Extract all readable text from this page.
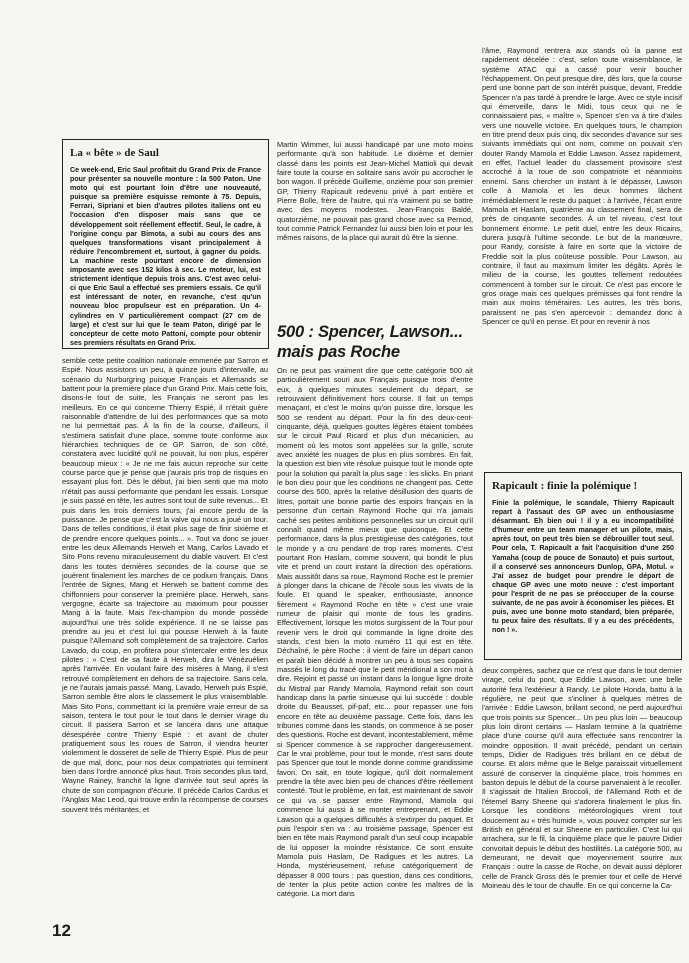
La « bête » de Saul

Ce week-end, Eric Saul profitait du Grand Prix de France pour présenter sa nouvelle monture : la 500 Paton. Une moto qui est pourtant loin d'être une nouveauté, puisque sa première esquisse remonte à 75. Depuis, Ferrari, Sipriani et bien d'autres pilotes italiens ont eu l'occasion d'en disposer mais sans que ce développement soit réellement effectif. Seul, le cadre, à l'origine conçu par Bimota, a subi au cours des ans quelques transformations visant principalement à réduire l'encombrement et, surtout, à gagner du poids. La machine reste pourtant encore de dimension imposante avec ses 152 kilos à sec. Le moteur, lui, est strictement identique depuis trois ans. C'est avec celui-ci que Eric Saul a effectué ses premiers essais. Ce qu'il est intéressant de noter, en revanche, c'est qu'un nouveau bloc propulseur est en préparation. Un 4-cylindres en V particulièrement compact (27 cm de large) et c'est sur lui que le team Paton, dirigé par le concepteur de cette moto Pattoni, compte pour obtenir ses premiers résultats en Grand Prix.

semble cette petite coalition nationale emmenée par Sarron et Espié. Nous assistons un peu, à quinze jours d'intervalle, au scénario du Nurburgring puisque Français et Allemands se battent pour la première place d'un Grand Prix. Mais cette fois, disons-le tout de suite, les Français ne seront pas les meilleurs. En ce qui concerne Thierry Espié, il n'était guère raisonnable d'attendre de lui des performances que sa moto ne lui permettait pas. À la fin de la course, d'ailleurs, il s'estimera satisfait d'une place, somme toute conforme aux hiérarchies techniques de ce GP. Sarron, de son côté, constatera avec lucidité qu'il ne pouvait, lui non plus, espérer beaucoup mieux : « Je ne me fais aucun reproche sur cette course parce que je pense que j'aurais pris trop de risques en essayant plus fort. Dès le début, j'ai bien senti que ma moto n'était pas aussi performante que pendant les essais. Lorsque je suis passé en tête, les autres sont tout de suite revenus... Et puis dans les trois derniers tours, j'ai encore perdu de la puissance. Je pense que c'est la valve qui nous a joué un tour. Dans de telles conditions, il était plus sage de finir sixième et de prendre encore quelques points... ». Tout va donc se jouer entre les deux Allemands Herweh et Mang, Carlos Lavado et Sito Pons revenu miraculeusement du diable vauvert. Et c'est dans les toutes dernières secondes de la course que se jouèrent finalement les marches de ce podium français. Dans l'entrée de Signes, Mang et Herweh se battent comme des chiffonniers pour conserver la première place. Herweh, sans vergogne, écarte sa trajectoire au maximum pour pousser Mang à la faute. Mais l'ex-champion du monde possède aujourd'hui une très solide expérience. Il ne se laisse pas prendre au jeu et c'est lui qui pousse Herweh à la faute puisque l'Allemand soft complètement de sa trajectoire. Carlos Lavado, du coup, en profitera pour s'intercaler entre les deux pilotes : « C'est de sa faute à Herweh, dira le Vénézuélien après l'arrivée. En voulant faire des misères à Mang, il s'est retrouvé complètement en dehors de sa trajectoire. Sans cela, je ne l'aurais jamais passé. Mang, Lavado, Herweh puis Espié, Sarron semble être alors le classement le plus vraisemblable. Mais Sito Pons, commettant ici la première vraie erreur de sa saison, tentera le tout pour le tout dans le dernier virage du circuit. Il passera Sarron et se lancera dans une attaque désespérée contre Thierry Espié : et avant de chuter pratiquement sous les roues de Sarron, il viendra heurter violemment le dosseret de selle de Thierry Espié. Plus de peur de que mal, donc, pour nos deux compatriotes qui terminent bien dans l'ordre annoncé plus haut. Trois secondes plus tard, Wayne Rainey, franchit la ligne d'arrivée tout seul après la chute de son compagnon d'écurie. Il précède Carlos Cardus et l'Anglais Mac Leod, qui trouve enfin la récompense de courses souvent très méritantes, et

Martin Wimmer, lui aussi handicapé par une moto moins performante qu'à son habitude. Le dixième et dernier classé dans les points est Jean-Michel Mattioli qui devait faire toute la course en solitaire sans avoir pu accrocher le bon wagon. Il précède Guilleme, onzième pour son premier GP, Thierry Rapicault redevenu privé à part entière et Pierre Bolle, frère de l'autre, qui n'a vraiment pu se battre avec des moyens modestes. Jean-François Baldé, quatorzième, ne pouvait pas grand chose avec sa Pernod, tout comme Patrick Fernandez lui aussi bien loin et pour les mêmes raisons, de la place qui aurait dû être la sienne.

500 : Spencer, Lawson... mais pas Roche

On ne peut pas vraiment dire que cette catégorie 500 ait particulièrement souri aux Français puisque trois d'entre eux, à quelques minutes seulement du départ, se retrouvaient définitivement hors course. Il fait un temps menaçant, et c'est le moins qu'on puisse dire, lorsque les 500 se rendent au départ. Pour la fin des deux-cent-cinquante, déjà, quelques gouttes légères étaient tombées sur le circuit Paul Ricard et plus d'un mécanicien, au moment où les motos sont appelées sur la grille, scrute avec anxiété les nuages de plus en plus sombres. En fait, la question est bien vite résolue puisque tout le monde opte pour la solution qui paraît la plus sage : les slicks. En priant le bon dieu pour que les conditions ne changent pas. Cette course des 500, après la relative désillusion des quarts de litres, portait une bonne partie des espoirs français en la personne d'un certain Raymond Roche qui n'a jamais caché ses petites ambitions personnelles sur un circuit qu'il connaît quand même mieux que quiconque. Et cette performance, dans la plus prestigieuse des catégories, tout le monde y a cru pendant de trop rares moments. C'est pourtant Ron Haslam, comme souvent, qui bondit le plus vite et prend un court instant la direction des opérations. Mais aussitôt dans sa roue, Raymond Roche est le premier à plonger dans la chicane de l'école sous les vivats de la foule. Et quand le speaker, enthousiaste, annonce fièrement « Raymond Roche en tête » c'est une vraie rumeur de plaisir qui monte de tous les gradins. Effectivement, lorsque les motos surgissent de la Tour pour revenir vers le droit qui commande la ligne droite des stands, c'est bien la moto numéro 11 qui est en tête. Déchaîné, le père Roche : il vient de faire un départ canon et paraît bien décidé à montrer un peu à tous ses copains massés le long du tracé que le petit méridional a son mot à dire. Rejoint et passé un instant dans la longue ligne droite du Mistral par Randy Mamola, Raymond refait son court handicap dans la partie sinueuse qui lui succède : double droite du Beausset, pif-paf, etc... pour repasser une fois encore en tête au deuxième passage. Cette fois, dans les tribunes comme dans les stands, on commence à se poser des questions. Roche est devant, incontestablement, même si Spencer commence à se rapprocher dangereusement. Car le vrai problème, pour tout le monde, n'est sans doute pas Spencer que tout le monde donne comme grandissime favori. On sait, en toute logique, qu'il doit normalement prendre la tête avec bien peu de chances d'être réellement contesté. Tout le problème, en fait, est maintenant de savoir ce qui va se passer entre Raymond, Mamola qui commence lui aussi à se monter entreprenant, et Eddie Lawson qui a quelques difficultés à s'extirper du paquet. Et puis l'espoir s'en va : au troisième passage, Spencer est bien en tête mais Raymond paraît d'un seul coup incapable de lui opposer la moindre résistance. Ce sont ensuite Mamola puis Haslam, De Radigues et les autres. La Honda, mystérieusement, refuse catégoriquement de dépasser 8 000 tours : pas question, dans ces conditions, de tenter la plus petite action contre les maîtres de la catégorie. La mort dans

l'âme, Raymond rentrera aux stands où la panne est rapidement décelée : c'est, selon toute vraisemblance, le système ATAC qui a cassé pour venir boucher l'échappement. On peut presque dire, dès lors, que la course perd une bonne part de son intérêt puisque, devant, Freddie Spencer n'a pas tardé à prendre le large. Avec ce style incisif qui émerveille, dans le Midi, tous ceux qui ne le connaissaient pas, « maître », Spencer s'en va à tire d'ailes vers une nouvelle victoire. En quelques tours, le champion en titre prend deux puis cinq, dix secondes d'avance sur ses suivants immédiats qui ont nom, comme on pouvait s'en douter Randy Mamola et Eddie Lawson. Assez rapidement, en effet, l'actuel leader du classement provisoire s'est accroché à la roue de son compatriote et néanmoins ennemi. Sans chercher un instant à le dépasser, Lawson colle à Mamola et les deux hommes lâchent irrémédiablement le reste du paquet : à l'arrivée, l'écart entre Mamola et Haslam, quatrième au classement final, sera de près de cinquante secondes. À un tel niveau, c'est tout bonnement énorme. Le petit duel, entre les deux Ricains, durera jusqu'à l'ultime seconde. Le but de la manœuvre, pour Randy, consiste à faire en sorte que la victoire de Freddie soit la plus coûteuse possible. Pour Lawson, au contraire, il faut au maximum limiter les dégâts. Après le milieu de la course, les gouttes tellement redoutées commencent à tomber sur le circuit. Ce n'est pas encore le gros orage mais ces quelques prémisses qui font rendre la main aux moins téméraires. Les autres, les très bons, paraissent ne pas s'en apercevoir : demandez donc à Spencer ce qu'il en pense. Et pour en revenir à nos

Rapicault : finie la polémique !

Finie la polémique, le scandale, Thierry Rapicault repart à l'assaut des GP avec un enthousiasme désarmant. Eh bien oui ! il y a eu incompatibilité d'humeur entre un team manager et un pilote, mais, après tout, on peut très bien se débrouiller tout seul. Pour cela, T. Rapicault a fait l'acquisition d'une 250 Yamaha (coup de pouce de Sonauto) et puis surtout, il a conservé ses annonceurs Dunlop, GPA, Motul. « J'ai assez de budget pour prendre le départ de chaque GP avec une moto neuve : c'est important pour l'esprit de ne pas se préoccuper de la course suivante, de ne pas avoir à économiser les pièces. Et puis, avec une bonne moto standard, bien préparée, tu peux faire des résultats. Il y a eu des précédents, non ! ».

deux compères, sachez que ce n'est que dans le tout dernier virage, celui du pont, que Eddie Lawson, avec une belle autorité fera l'extérieur à Randy. Le pilote Honda, battu à la régulière, ne peut que s'incliner à quelques mètres de l'arrivée : Eddie Lawson, brillant second, ne perd aujourd'hui que trois points sur Spencer... Un peu plus loin — beaucoup plus loin diront certains — Haslam termine à la quatrième place d'une course qu'il aura effectuée sans rencontrer la moindre opposition. Il avait précédé, pendant un certain temps, Didier de Radigues très brillant en ce début de course. Et alors même que le Belge paraissait virtuellement assuré de conserver la cinquième place, trois hommes en baston depuis le début de la course parvenaient à le recoller. Il s'agissait de l'Italien Broccoli, de l'Allemand Roth et de l'éternel Barry Sheene qui s'adorera finalement le plus fin. Lorsque les conditions météorologiques virent tout doucement au « très humide », vous pouvez compter sur les British en général et sur Sheene en particulier. C'est lui qui arrachera, sur le fil, la cinquième place que le pauvre Didier convoitait depuis le début des hostilités. La catégorie 500, au demeurant, ne devait que moyennement sourire aux Français : outre la casse de Roche, on devait aussi déplorer celle de Franck Gross dès le premier tour et celle de Hervé Moineau dès le tour de chauffe. En ce qui concerne la Ca-

12
